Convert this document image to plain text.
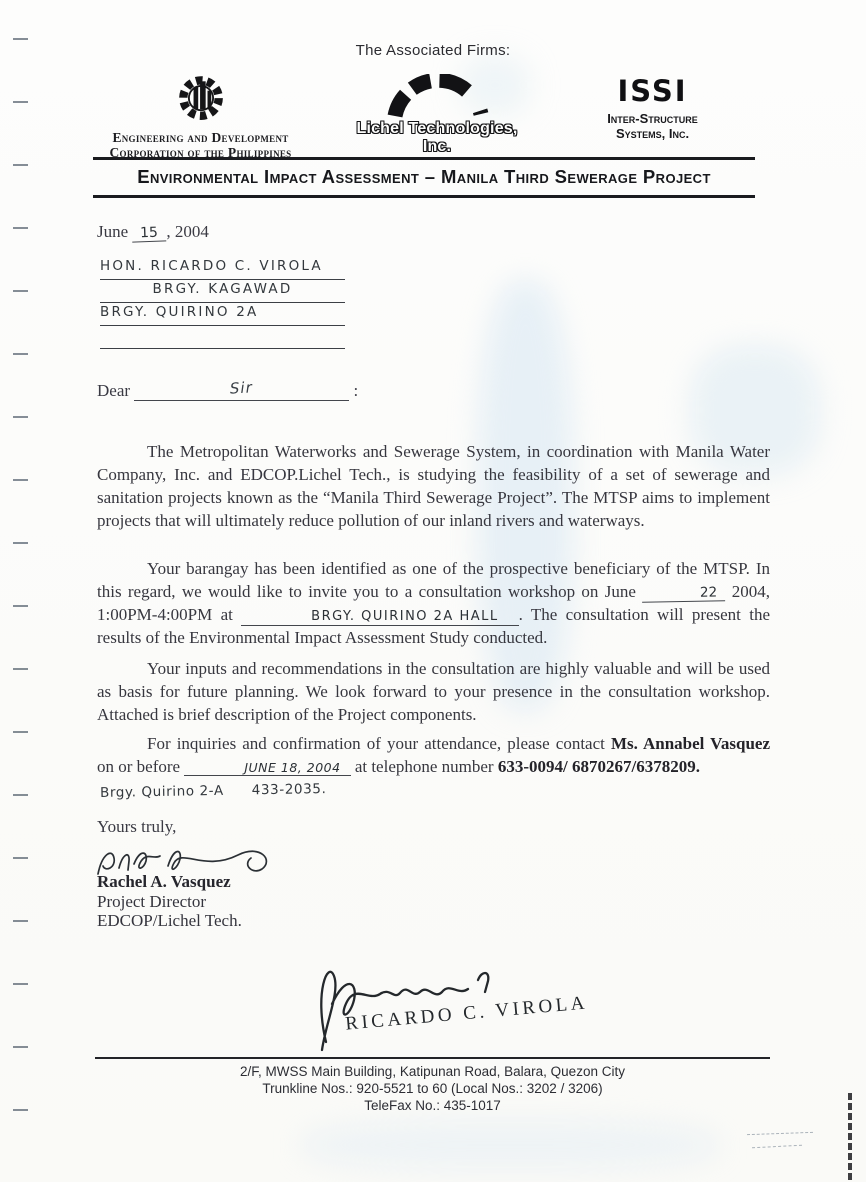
The Associated Firms:
Engineering and Development
Corporation of the Philippines
Lichel Technologies, Inc.
ISSI
Inter-Structure
Systems, Inc.
Environmental Impact Assessment – Manila Third Sewerage Project
June 15 , 2004
HON. RICARDO C. VIROLA
BRGY. KAGAWAD
BRGY. QUIRINO 2A
Dear	Sir	:

The Metropolitan Waterworks and Sewerage System, in coordination with Manila Water Company, Inc. and EDCOP.Lichel Tech., is studying the feasibility of a set of sewerage and sanitation projects known as the “Manila Third Sewerage Project”. The MTSP aims to implement projects that will ultimately reduce pollution of our inland rivers and waterways.

Your barangay has been identified as one of the prospective beneficiary of the MTSP. In this regard, we would like to invite you to a consultation workshop on June	22 2004, 1:00PM-4:00PM at	BRGY. QUIRINO 2A HALL . The consultation will present the results of the Environmental Impact Assessment Study conducted.

Your inputs and recommendations in the consultation are highly valuable and will be used as basis for future planning. We look forward to your presence in the consultation workshop. Attached is brief description of the Project components.

For inquiries and confirmation of your attendance, please contact Ms. Annabel Vasquez on or before	JUNE 18, 2004 at telephone number 633-0094/ 6870267/6378209.

Brgy. Quirino 2-A 433-2035.
Yours truly,
Rachel A. Vasquez
Project Director
EDCOP/Lichel Tech.
RICARDO C. VIROLA
2/F, MWSS Main Building, Katipunan Road, Balara, Quezon City
Trunkline Nos.: 920-5521 to 60 (Local Nos.: 3202 / 3206)
TeleFax No.: 435-1017
